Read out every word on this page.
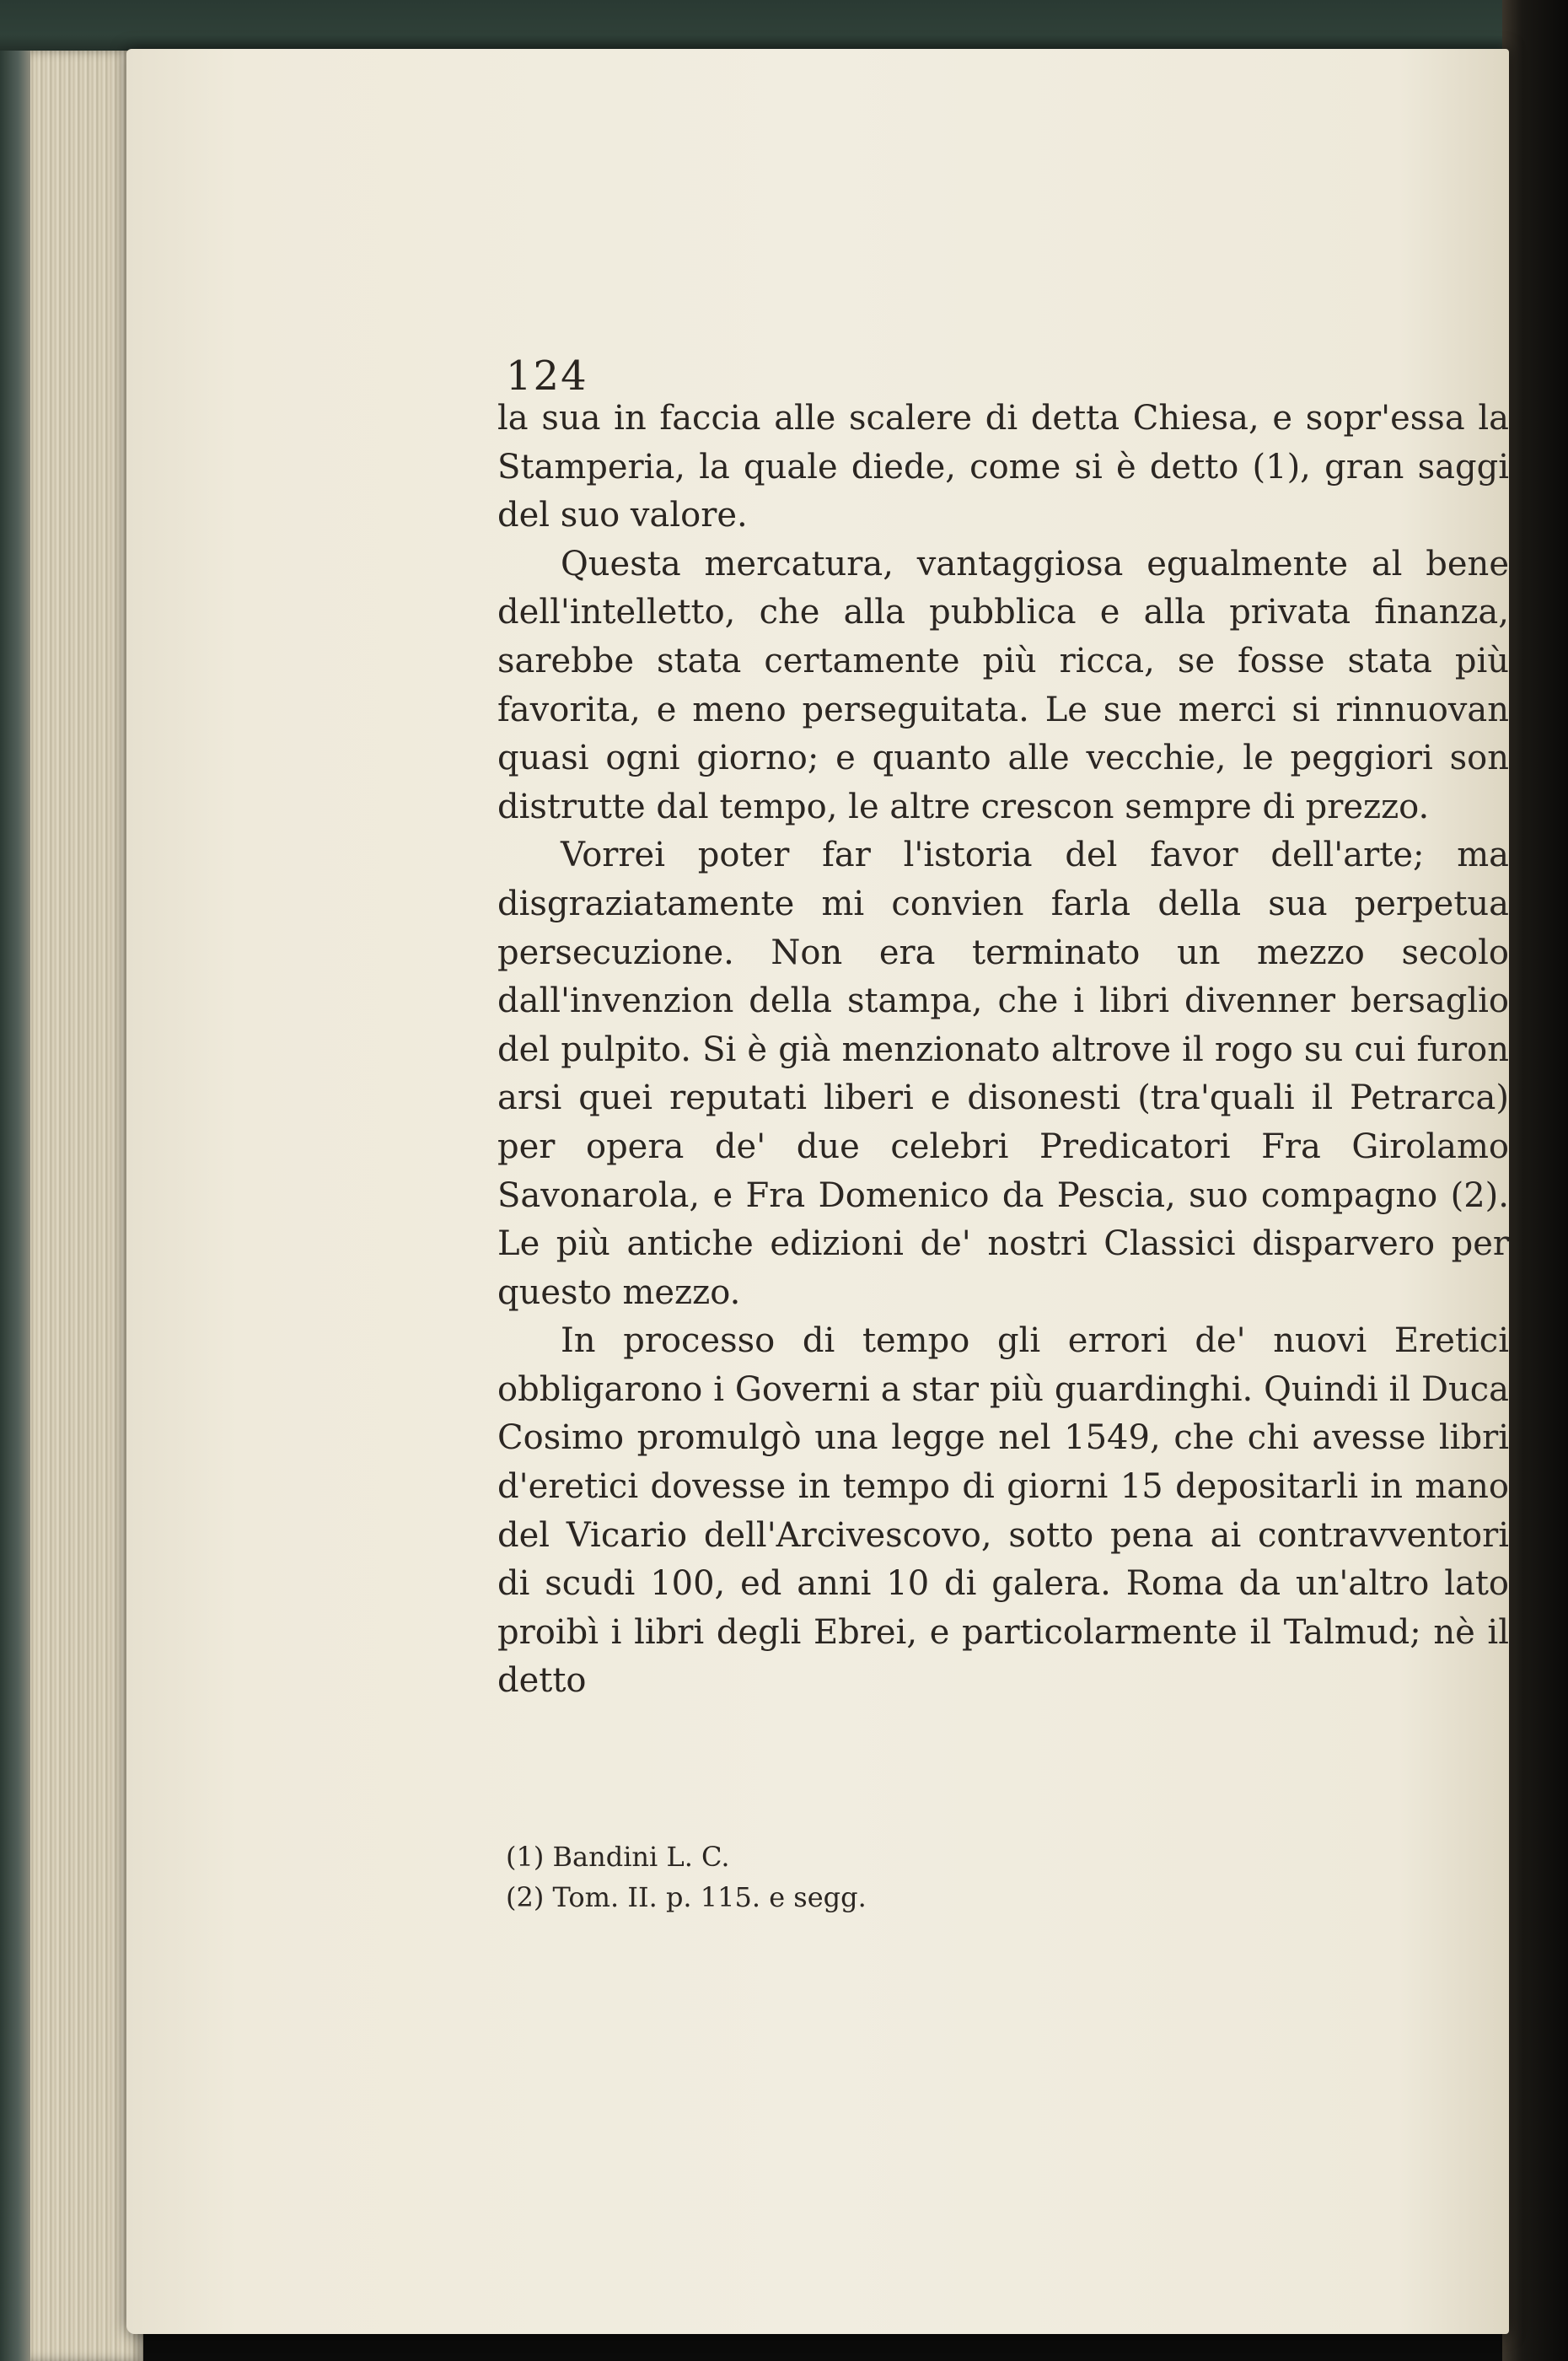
124

la sua in faccia alle scalere di detta Chiesa, e sopr'essa la Stamperia, la quale diede, come si è detto (1), gran saggi del suo valore.

Questa mercatura, vantaggiosa egualmente al bene dell'intelletto, che alla pubblica e alla privata finanza, sarebbe stata certamente più ricca, se fosse stata più favorita, e meno perseguitata. Le sue merci si rinnuovan quasi ogni giorno; e quanto alle vecchie, le peggiori son distrutte dal tempo, le altre crescon sempre di prezzo.

Vorrei poter far l'istoria del favor dell'arte; ma disgraziatamente mi convien farla della sua perpetua persecuzione. Non era terminato un mezzo secolo dall'invenzion della stampa, che i libri divenner bersaglio del pulpito. Si è già menzionato altrove il rogo su cui furon arsi quei reputati liberi e disonesti (tra'quali il Petrarca) per opera de' due celebri Predicatori Fra Girolamo Savonarola, e Fra Domenico da Pescia, suo compagno (2). Le più antiche edizioni de' nostri Classici disparvero per questo mezzo.

In processo di tempo gli errori de' nuovi Eretici obbligarono i Governi a star più guardinghi. Quindi il Duca Cosimo promulgò una legge nel 1549, che chi avesse libri d'eretici dovesse in tempo di giorni 15 depositarli in mano del Vicario dell'Arcivescovo, sotto pena ai contravventori di scudi 100, ed anni 10 di galera. Roma da un'altro lato proibì i libri degli Ebrei, e particolarmente il Talmud; nè il detto

(1) Bandini L. C.
(2) Tom. II. p. 115. e segg.
